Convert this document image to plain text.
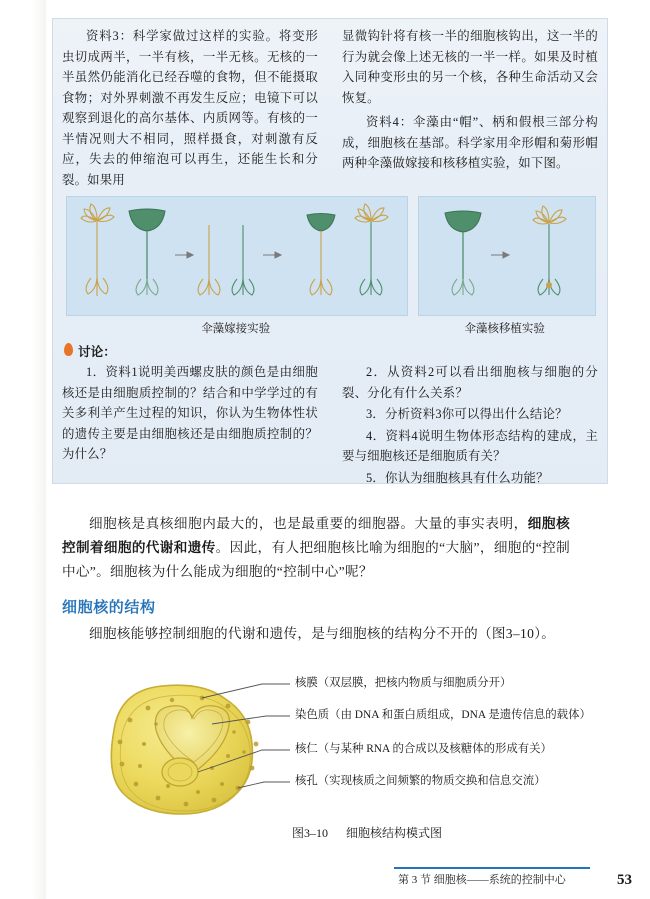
资料3：科学家做过这样的实验。将变形虫切成两半，一半有核，一半无核。无核的一半虽然仍能消化已经吞噬的食物，但不能摄取食物；对外界刺激不再发生反应；电镜下可以观察到退化的高尔基体、内质网等。有核的一半情况则大不相同，照样摄食，对刺激有反应，失去的伸缩泡可以再生，还能生长和分裂。如果用

显微钩针将有核一半的细胞核钩出，这一半的行为就会像上述无核的一半一样。如果及时植入同种变形虫的另一个核，各种生命活动又会恢复。

资料4：伞藻由“帽”、柄和假根三部分构成，细胞核在基部。科学家用伞形帽和菊形帽两种伞藻做嫁接和核移植实验，如下图。

伞藻嫁接实验	伞藻核移植实验
讨论：

1．资料1说明美西螺皮肤的颜色是由细胞核还是由细胞质控制的？结合和中学学过的有关多利羊产生过程的知识，你认为生物体性状的遗传主要是由细胞核还是由细胞质控制的？为什么？

2．从资料2可以看出细胞核与细胞的分裂、分化有什么关系？

3．分析资料3你可以得出什么结论？

4．资料4说明生物体形态结构的建成，主要与细胞核还是细胞质有关？

5．你认为细胞核具有什么功能？

细胞核是真核细胞内最大的，也是最重要的细胞器。大量的事实表明，细胞核控制着细胞的代谢和遗传。因此，有人把细胞核比喻为细胞的“大脑”，细胞的“控制中心”。细胞核为什么能成为细胞的“控制中心”呢？

细胞核的结构

细胞核能够控制细胞的代谢和遗传，是与细胞核的结构分不开的（图3–10）。

核膜（双层膜，把核内物质与细胞质分开）
染色质（由 DNA 和蛋白质组成，DNA 是遗传信息的载体）
核仁（与某种 RNA 的合成以及核糖体的形成有关）
核孔（实现核质之间频繁的物质交换和信息交流）
图3–10 细胞核结构模式图
第 3 节 细胞核——系统的控制中心	53
